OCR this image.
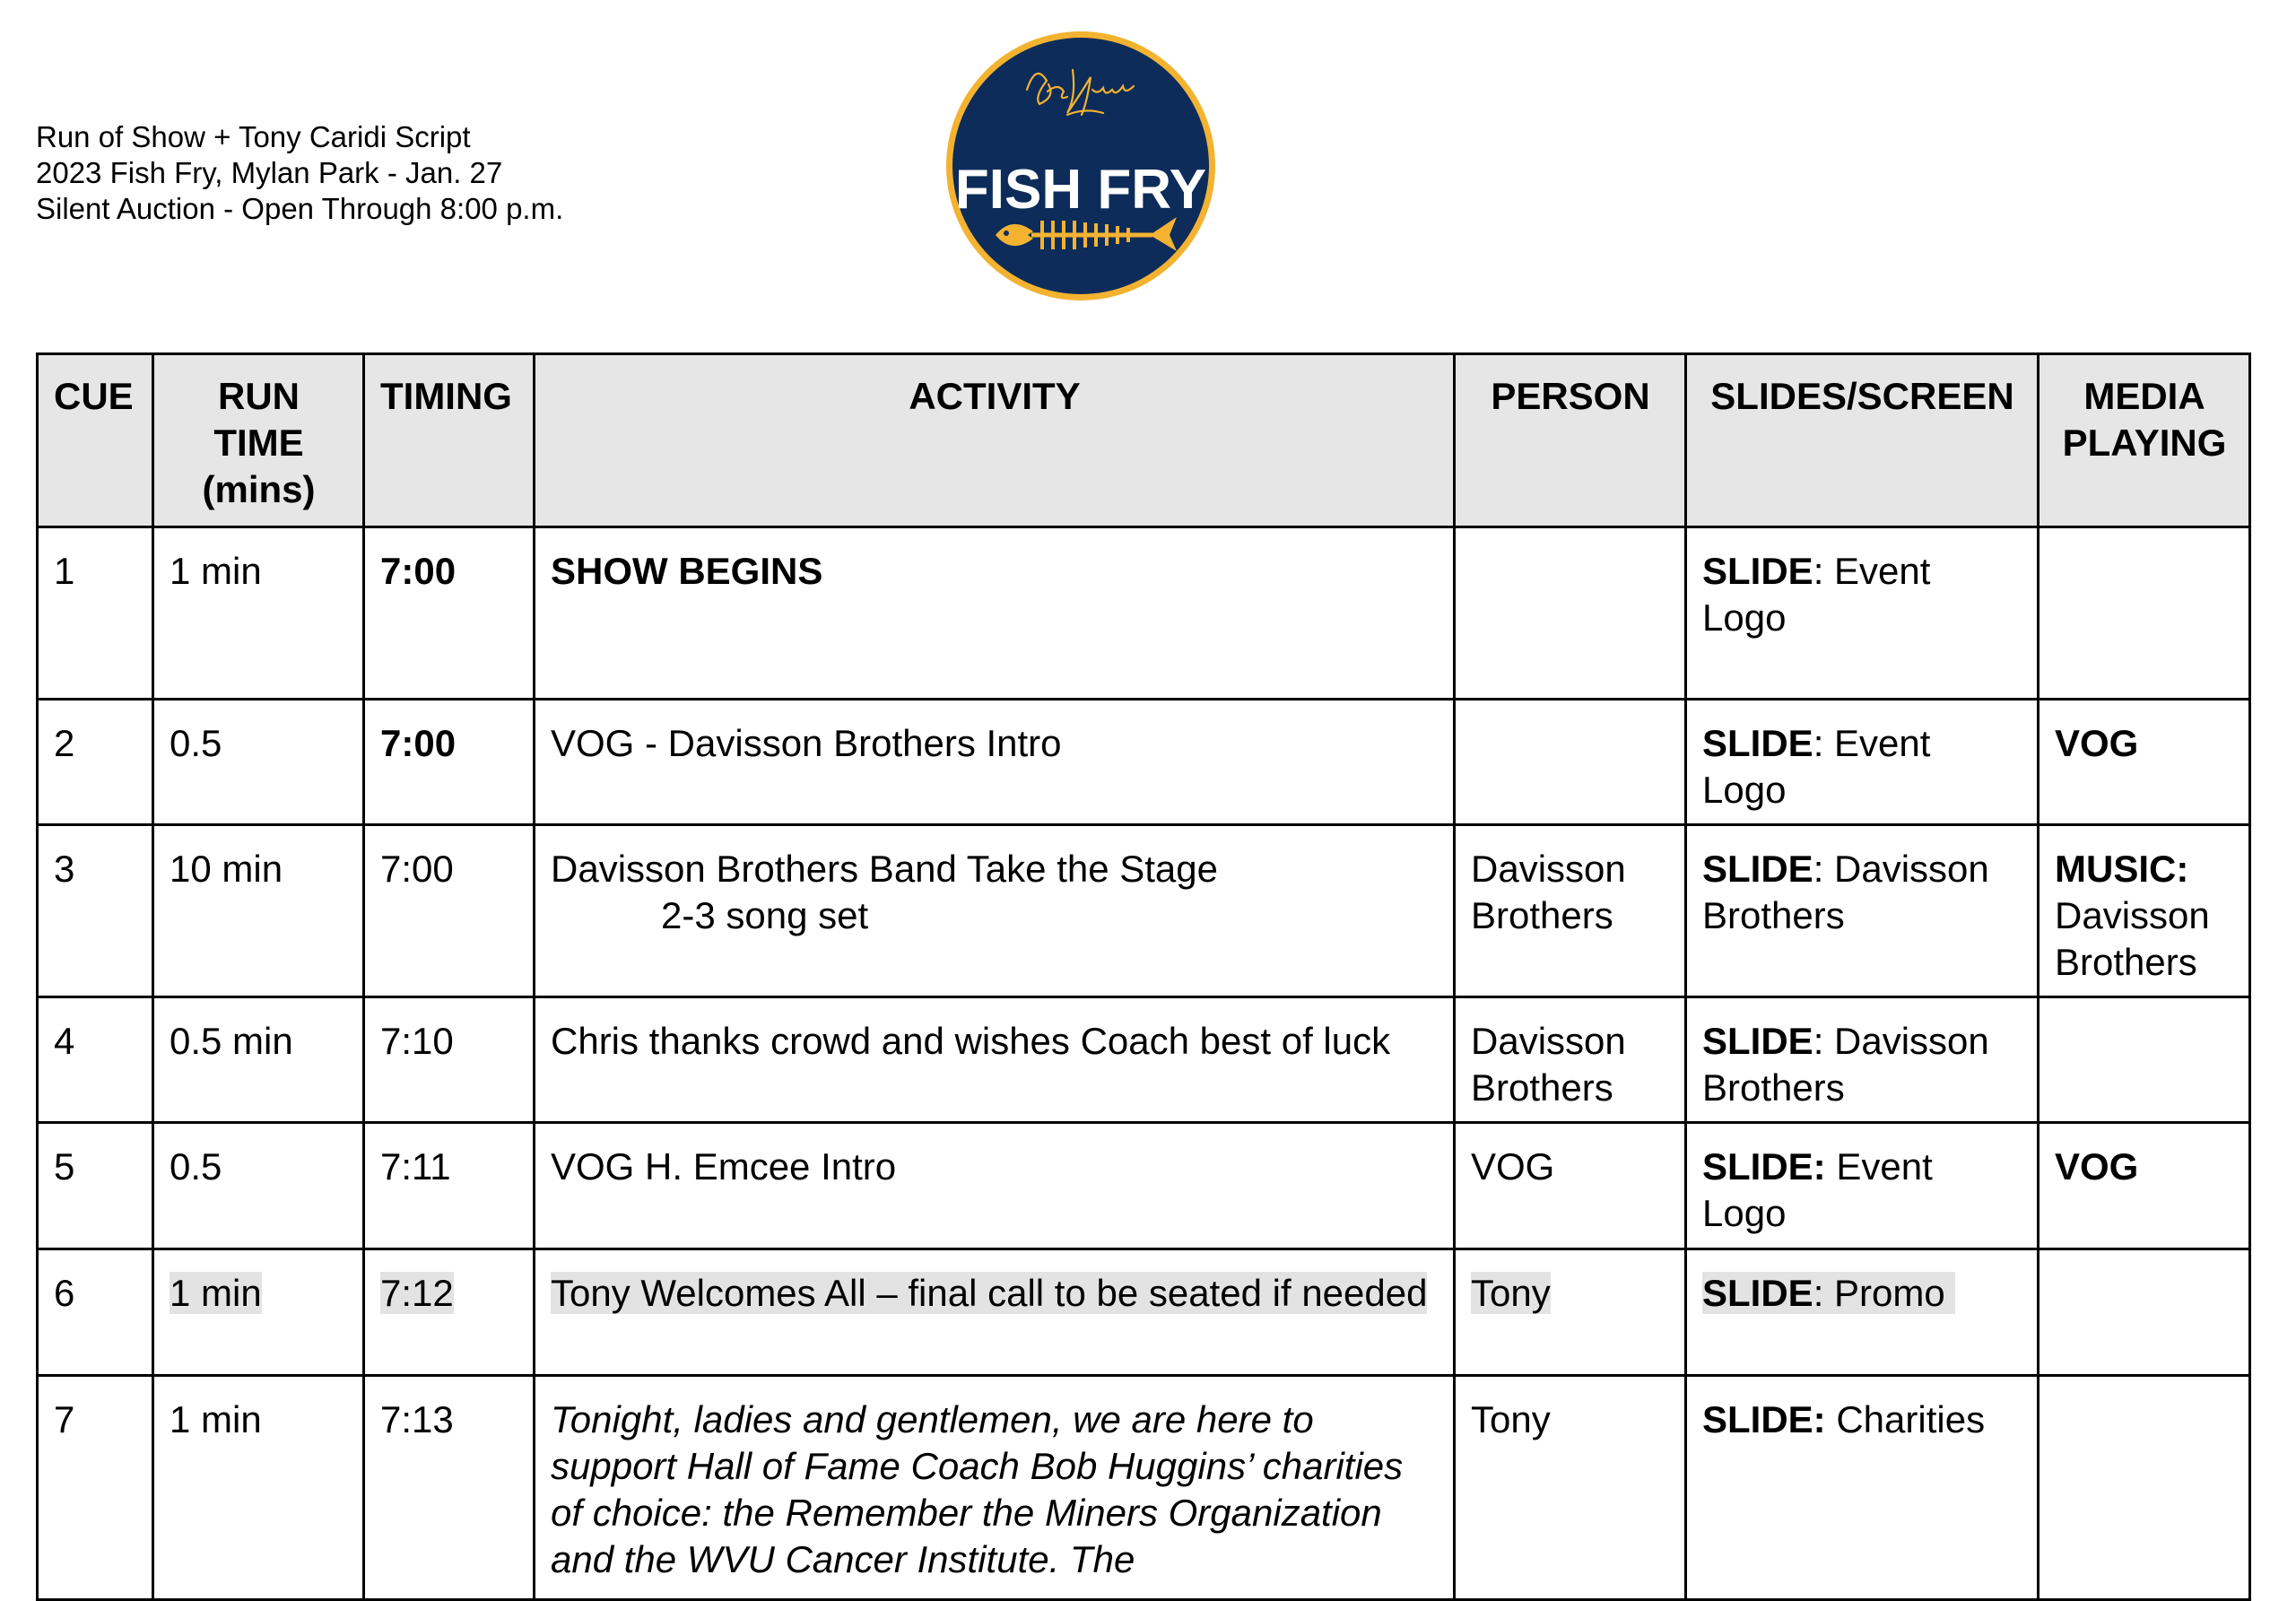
Run of Show + Tony Caridi Script
2023 Fish Fry, Mylan Park - Jan. 27
Silent Auction - Open Through 8:00 p.m.	FISH FRY
CUE	RUN
TIME
(mins)	TIMING	ACTIVITY	PERSON	SLIDES/SCREEN	MEDIA
PLAYING
1	1 min	7:00	SHOW BEGINS		SLIDE: Event Logo	
2	0.5	7:00	VOG - Davisson Brothers Intro		SLIDE: Event Logo	VOG
3	10 min	7:00	Davisson Brothers Band Take the Stage
2-3 song set	Davisson Brothers	SLIDE: Davisson Brothers	MUSIC:
Davisson Brothers
4	0.5 min	7:10	Chris thanks crowd and wishes Coach best of luck	Davisson Brothers	SLIDE: Davisson Brothers	
5	0.5	7:11	VOG H. Emcee Intro	VOG	SLIDE: Event Logo	VOG
6	1 min	7:12	Tony Welcomes All – final call to be seated if needed	Tony	SLIDE: Promo	
7	1 min	7:13	Tonight, ladies and gentlemen, we are here to support Hall of Fame Coach Bob Huggins’ charities of choice: the Remember the Miners Organization and the WVU Cancer Institute. The	Tony	SLIDE: Charities	
